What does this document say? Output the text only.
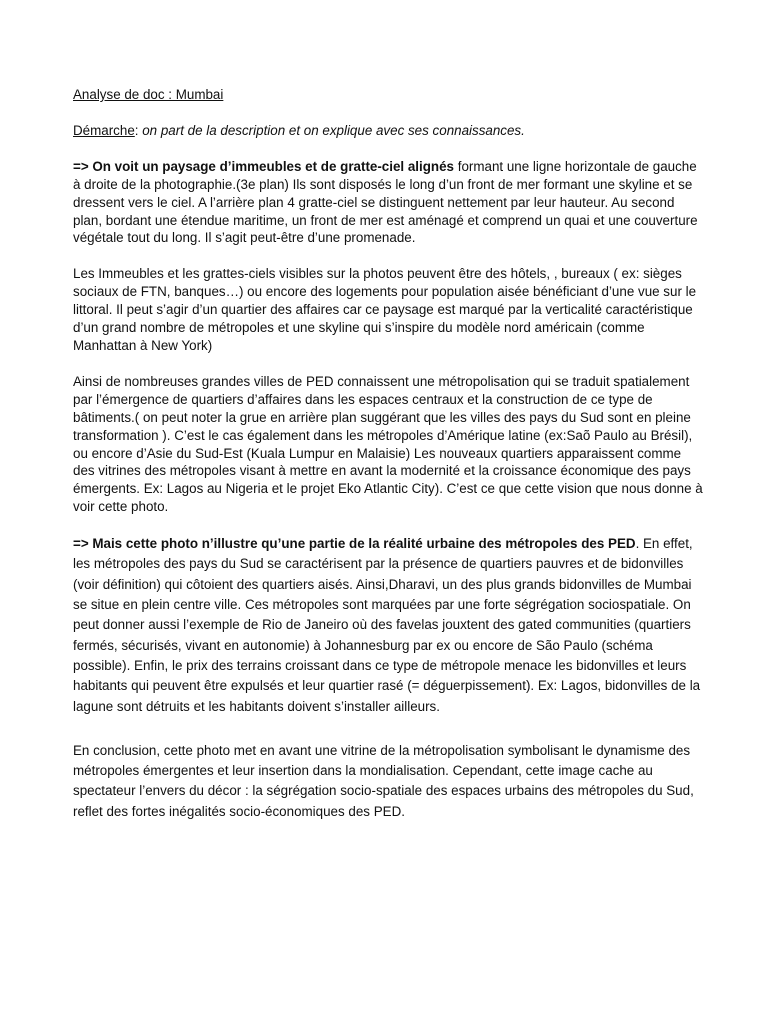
Analyse de doc : Mumbai
Démarche: on part de la description et on explique avec ses connaissances.

=> On voit un paysage d’immeubles et de gratte-ciel alignés formant une ligne horizontale de gauche à droite de la photographie.(3e plan) Ils sont disposés le long d’un front de mer formant une skyline et se dressent vers le ciel. A l’arrière plan 4 gratte-ciel se distinguent nettement par leur hauteur. Au second plan, bordant une étendue maritime, un front de mer est aménagé et comprend un quai et une couverture végétale tout du long. Il s’agit peut-être d’une promenade.

Les Immeubles et les grattes-ciels visibles sur la photos peuvent être des hôtels, , bureaux ( ex: sièges sociaux de FTN, banques…) ou encore des logements pour population aisée bénéficiant d’une vue sur le littoral. Il peut s’agir d’un quartier des affaires car ce paysage est marqué par la verticalité caractéristique d’un grand nombre de métropoles et une skyline qui s’inspire du modèle nord américain (comme Manhattan à New York)

Ainsi de nombreuses grandes villes de PED connaissent une métropolisation qui se traduit spatialement par l’émergence de quartiers d’affaires dans les espaces centraux et la construction de ce type de bâtiments.( on peut noter la grue en arrière plan suggérant que les villes des pays du Sud sont en pleine transformation ). C’est le cas également dans les métropoles d’Amérique latine (ex:Saõ Paulo au Brésil), ou encore d’Asie du Sud-Est (Kuala Lumpur en Malaisie) Les nouveaux quartiers apparaissent comme des vitrines des métropoles visant à mettre en avant la modernité et la croissance économique des pays émergents. Ex: Lagos au Nigeria et le projet Eko Atlantic City). C’est ce que cette vision que nous donne à voir cette photo.

=> Mais cette photo n’illustre qu’une partie de la réalité urbaine des métropoles des PED. En effet, les métropoles des pays du Sud se caractérisent par la présence de quartiers pauvres et de bidonvilles (voir définition) qui côtoient des quartiers aisés. Ainsi,Dharavi, un des plus grands bidonvilles de Mumbai se situe en plein centre ville. Ces métropoles sont marquées par une forte ségrégation sociospatiale. On peut donner aussi l’exemple de Rio de Janeiro où des favelas jouxtent des gated communities (quartiers fermés, sécurisés, vivant en autonomie) à Johannesburg par ex ou encore de São Paulo (schéma possible). Enfin, le prix des terrains croissant dans ce type de métropole menace les bidonvilles et leurs habitants qui peuvent être expulsés et leur quartier rasé (= déguerpissement). Ex: Lagos, bidonvilles de la lagune sont détruits et les habitants doivent s’installer ailleurs.

En conclusion, cette photo met en avant une vitrine de la métropolisation symbolisant le dynamisme des métropoles émergentes et leur insertion dans la mondialisation. Cependant, cette image cache au spectateur l’envers du décor : la ségrégation socio-spatiale des espaces urbains des métropoles du Sud, reflet des fortes inégalités socio-économiques des PED.
